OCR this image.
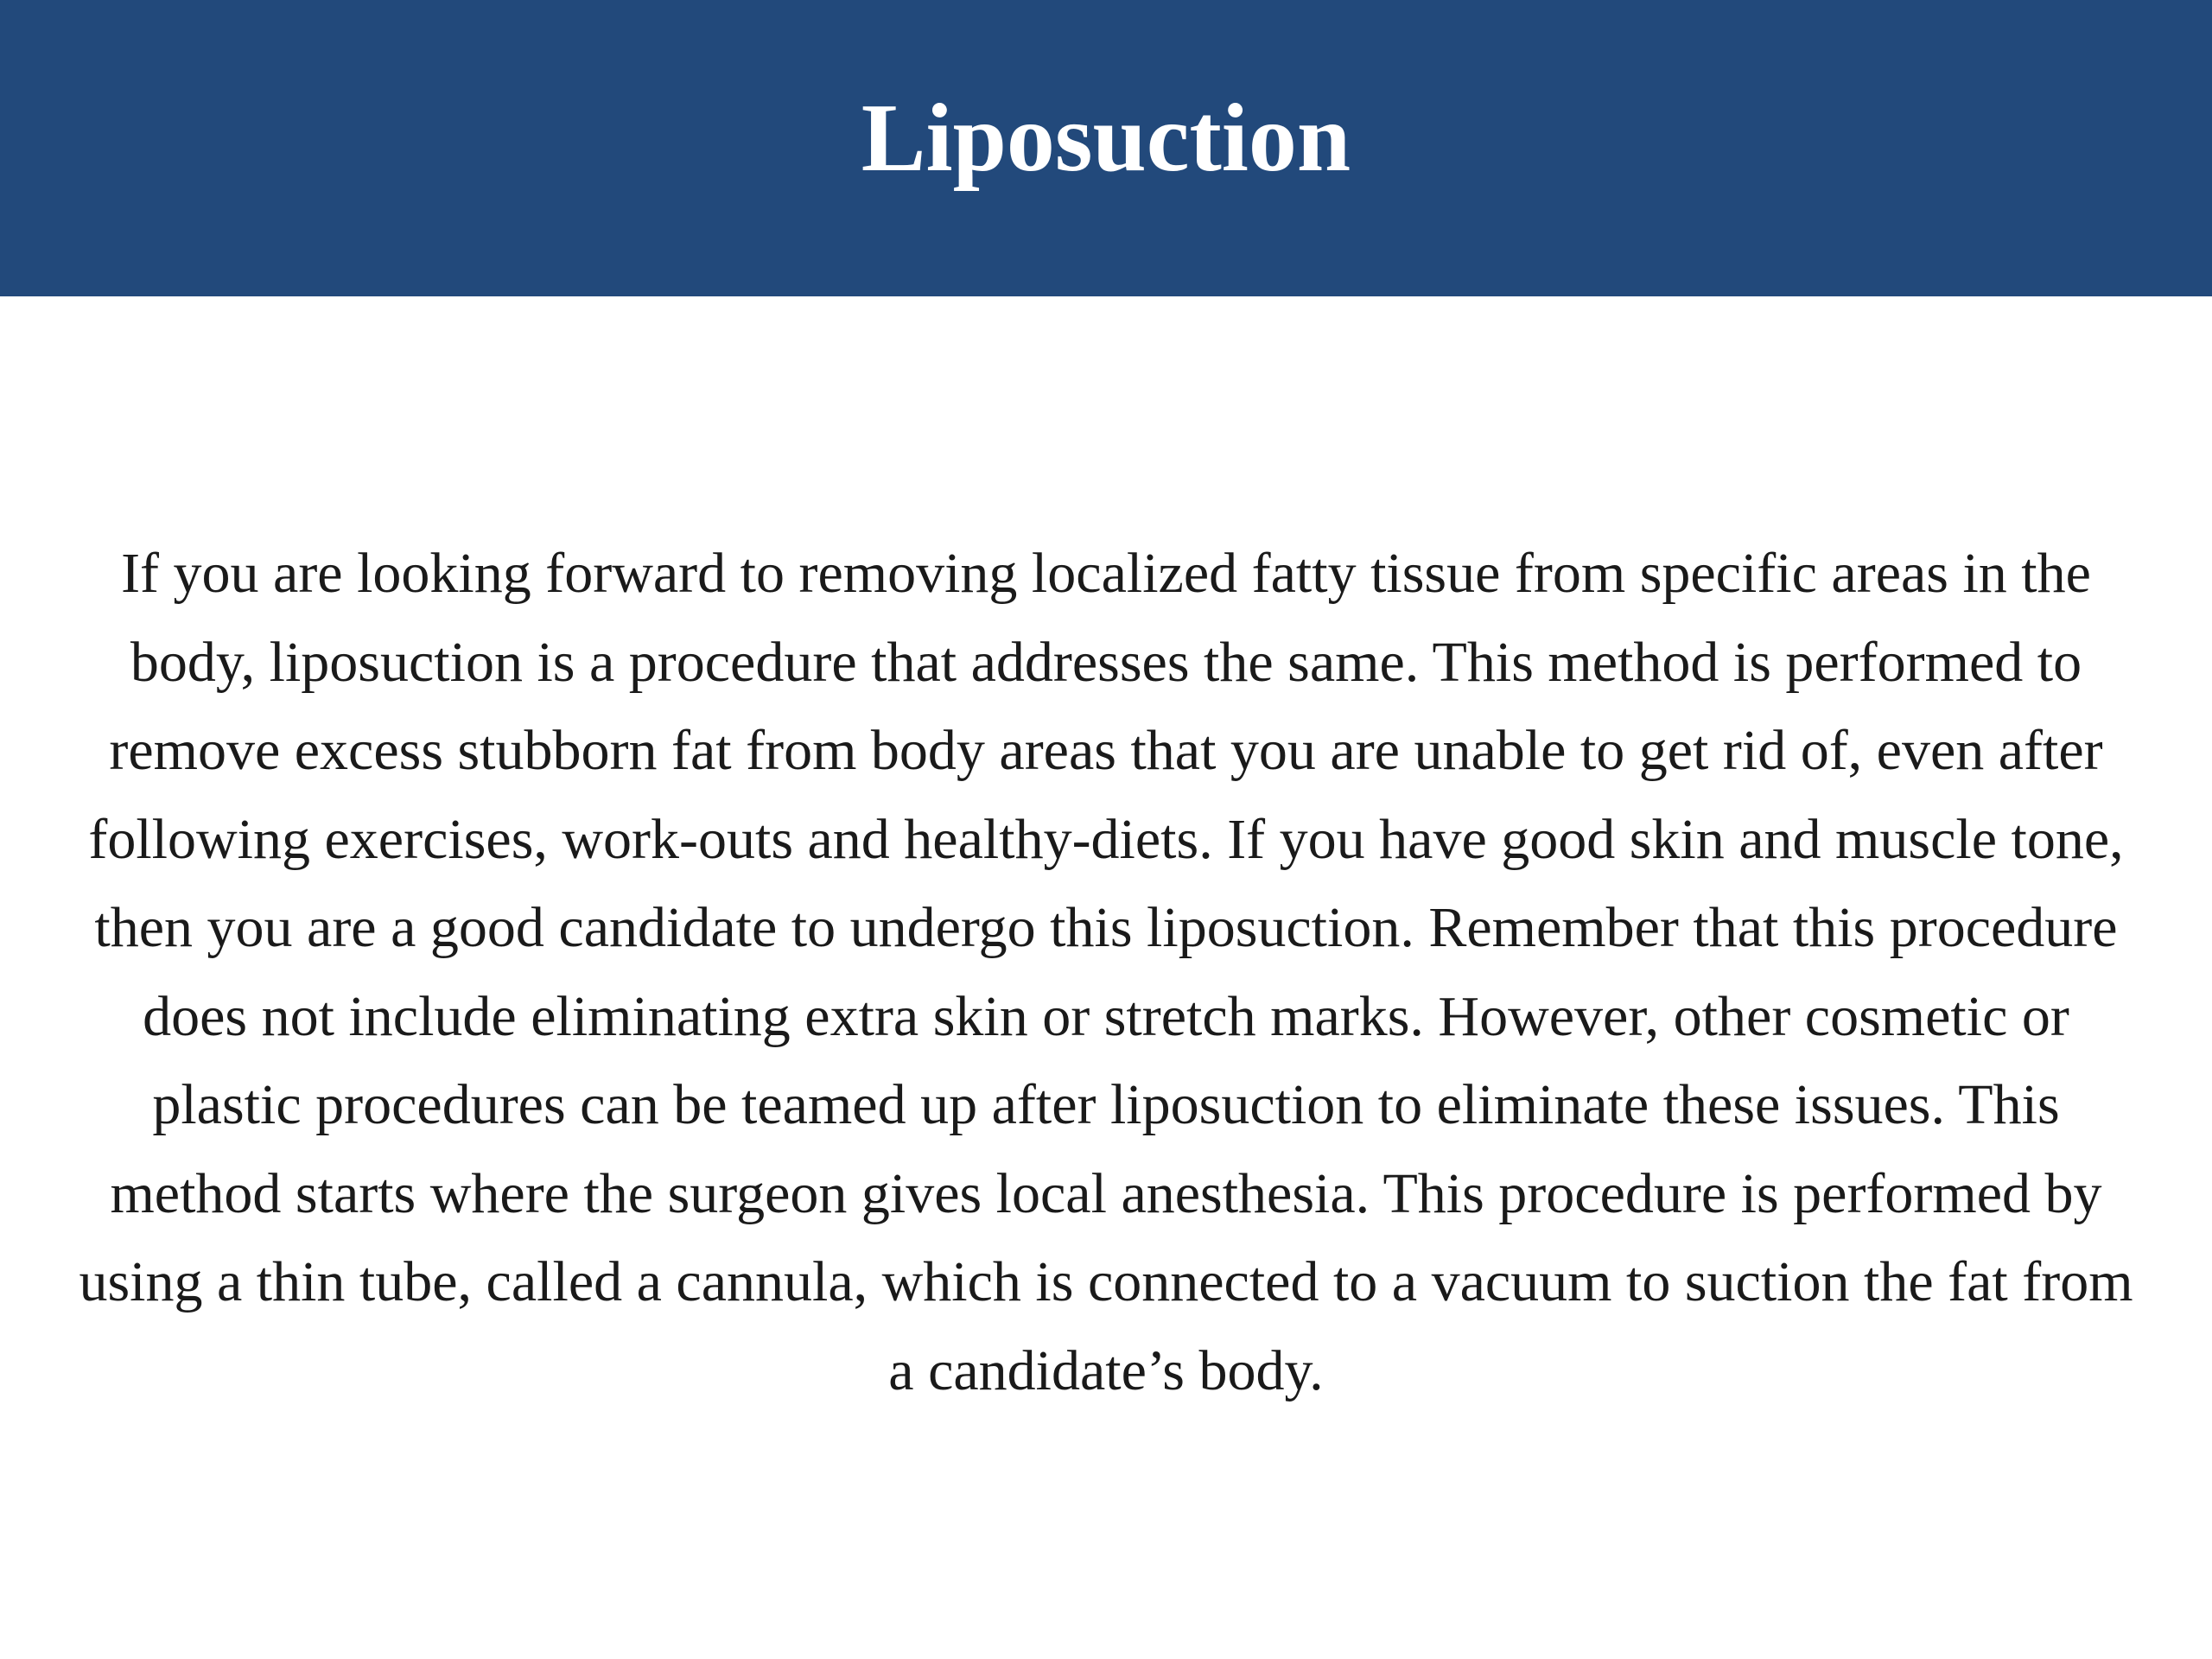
Liposuction

If you are looking forward to removing localized fatty tissue from specific areas in the body, liposuction is a procedure that addresses the same. This method is performed to remove excess stubborn fat from body areas that you are unable to get rid of, even after following exercises, work-outs and healthy-diets. If you have good skin and muscle tone, then you are a good candidate to undergo this liposuction. Remember that this procedure does not include eliminating extra skin or stretch marks. However, other cosmetic or plastic procedures can be teamed up after liposuction to eliminate these issues. This method starts where the surgeon gives local anesthesia. This procedure is performed by using a thin tube, called a cannula, which is connected to a vacuum to suction the fat from a candidate’s body.
